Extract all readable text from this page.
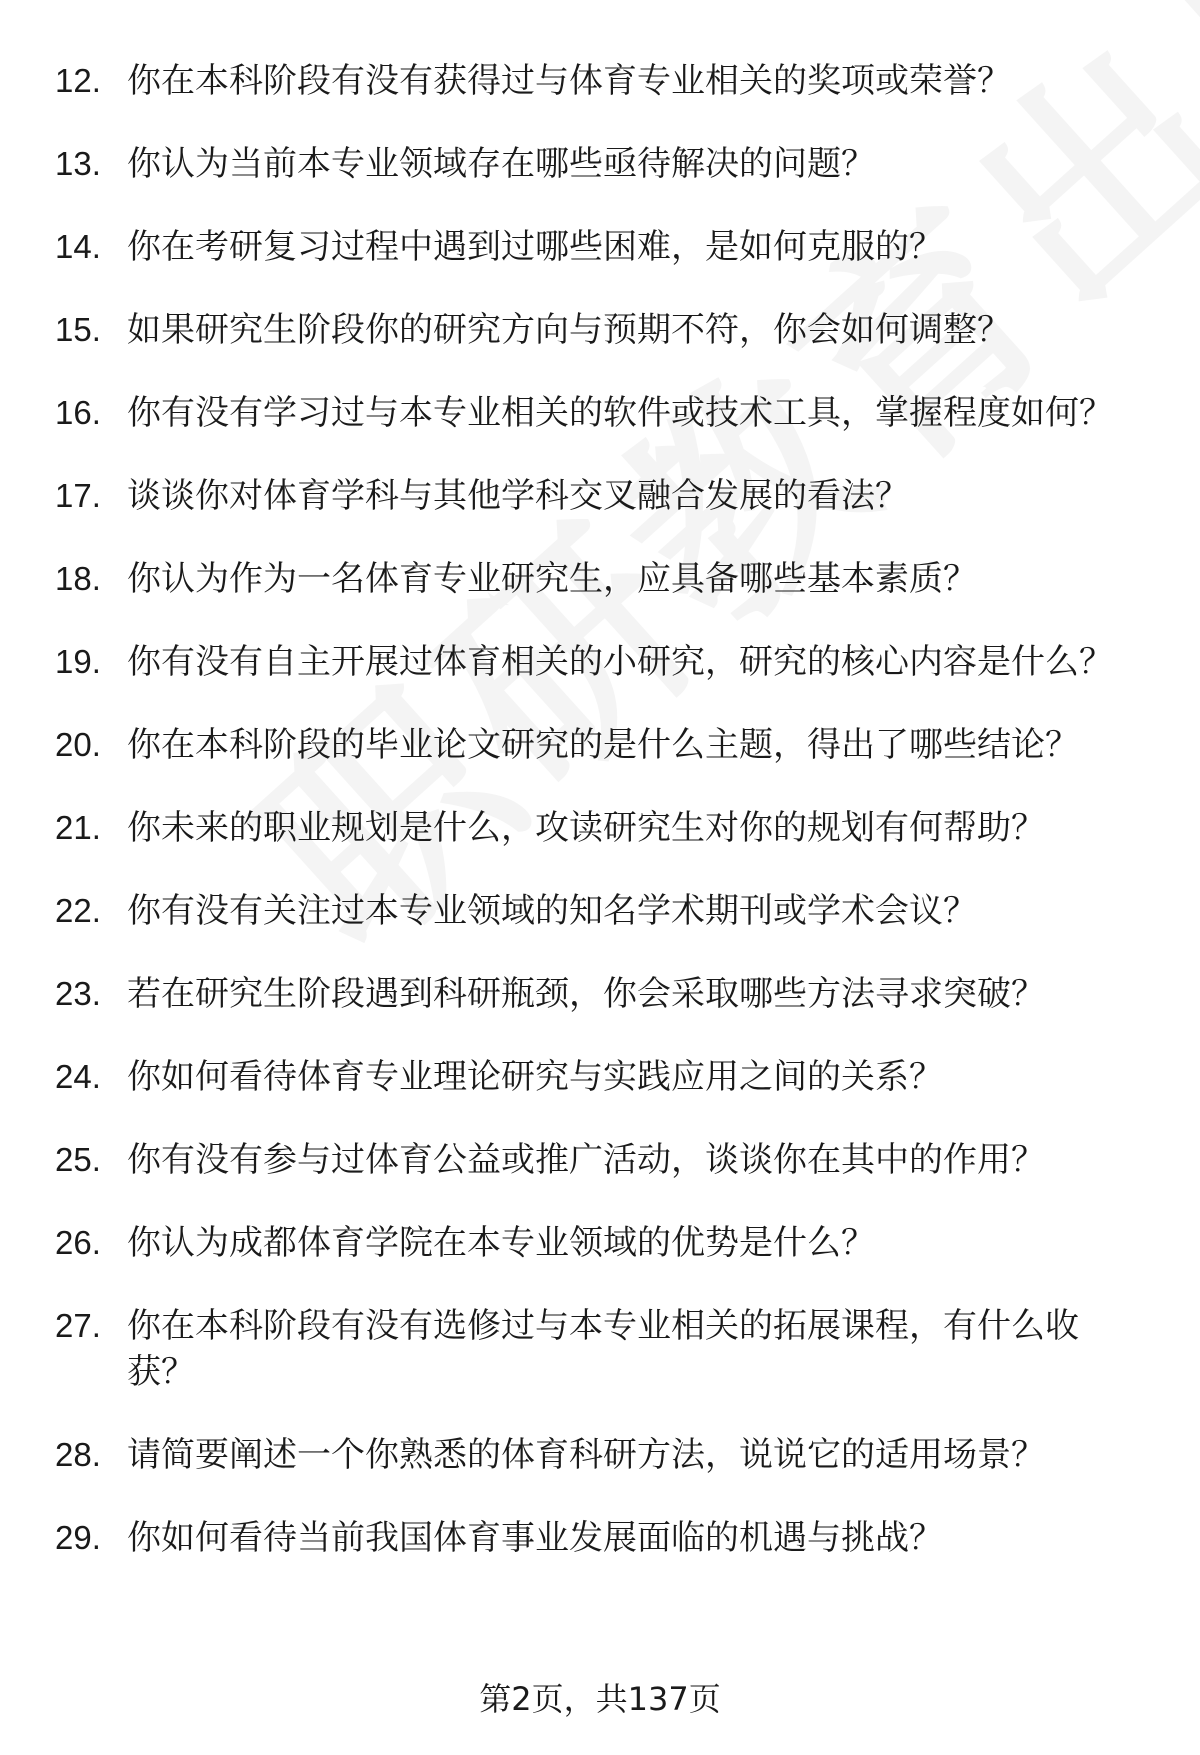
12. 你在本科阶段有没有获得过与体育专业相关的奖项或荣誉？
13. 你认为当前本专业领域存在哪些亟待解决的问题？
14. 你在考研复习过程中遇到过哪些困难，是如何克服的？
15. 如果研究生阶段你的研究方向与预期不符，你会如何调整？
16. 你有没有学习过与本专业相关的软件或技术工具，掌握程度如何？
17. 谈谈你对体育学科与其他学科交叉融合发展的看法？
18. 你认为作为一名体育专业研究生，应具备哪些基本素质？
19. 你有没有自主开展过体育相关的小研究，研究的核心内容是什么？
20. 你在本科阶段的毕业论文研究的是什么主题，得出了哪些结论？
21. 你未来的职业规划是什么，攻读研究生对你的规划有何帮助？
22. 你有没有关注过本专业领域的知名学术期刊或学术会议？
23. 若在研究生阶段遇到科研瓶颈，你会采取哪些方法寻求突破？
24. 你如何看待体育专业理论研究与实践应用之间的关系？
25. 你有没有参与过体育公益或推广活动，谈谈你在其中的作用？
26. 你认为成都体育学院在本专业领域的优势是什么？
27. 你在本科阶段有没有选修过与本专业相关的拓展课程，有什么收获？
28. 请简要阐述一个你熟悉的体育科研方法，说说它的适用场景？
29. 你如何看待当前我国体育事业发展面临的机遇与挑战？
第2页，共137页
